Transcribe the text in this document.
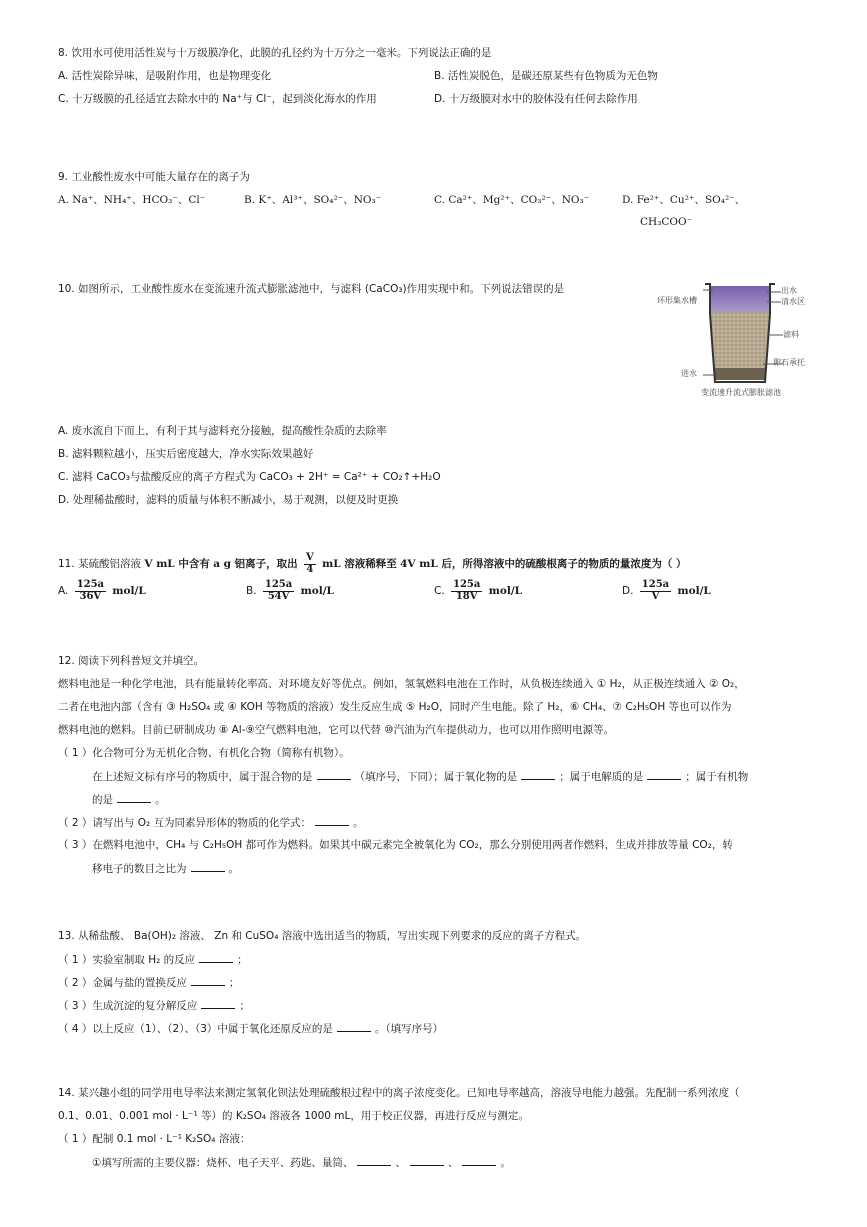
8. 饮用水可使用活性炭与十万级膜净化，此膜的孔径约为十万分之一毫米。下列说法正确的是
A. 活性炭除异味，是吸附作用，也是物理变化	B. 活性炭脱色，是碳还原某些有色物质为无色物
C. 十万级膜的孔径适宜去除水中的 Na⁺与 Cl⁻，起到淡化海水的作用	D. 十万级膜对水中的胶体没有任何去除作用
9. 工业酸性废水中可能大量存在的离子为
A. Na⁺、NH₄⁺、HCO₃⁻、Cl⁻	B. K⁺、Al³⁺、SO₄²⁻、NO₃⁻	C. Ca²⁺、Mg²⁺、CO₃²⁻、NO₃⁻	D. Fe²⁺、Cu²⁺、SO₄²⁻、
CH₃COO⁻
10. 如图所示，工业酸性废水在变流速升流式膨胀滤池中，与滤料 (CaCO₃)作用实现中和。下列说法错误的是
环形集水槽
出水
清水区
滤料
卵石承托
进水
变流速升流式膨胀滤池
A. 废水流自下而上，有利于其与滤料充分接触，提高酸性杂质的去除率
B. 滤料颗粒越小，压实后密度越大，净水实际效果越好
C. 滤料 CaCO₃与盐酸反应的离子方程式为 CaCO₃ + 2H⁺ = Ca²⁺ + CO₂↑+H₂O
D. 处理稀盐酸时，滤料的质量与体积不断减小，易于观测，以便及时更换
11. 某硫酸铝溶液 V mL 中含有 a g 铝离子，取出 $\frac{V}{4}$ mL 溶液稀释至 4V mL 后，所得溶液中的硫酸根离子的物质的量浓度为（ ）
A. $\frac{125a}{36V} mol/L$	B. $\frac{125a}{54V} mol/L$	C. $\frac{125a}{18V} mol/L$	D. $\frac{125a}{V} mol/L$
12. 阅读下列科普短文并填空。
燃料电池是一种化学电池，具有能量转化率高、对环境友好等优点。例如，氢氧燃料电池在工作时，从负极连续通入 ① H₂，从正极连续通入 ② O₂，
二者在电池内部（含有 ③ H₂SO₄ 或 ④ KOH 等物质的溶液）发生反应生成 ⑤ H₂O，同时产生电能。除了 H₂，⑥ CH₄、⑦ C₂H₅OH 等也可以作为
燃料电池的燃料。目前已研制成功 ⑧ Al-⑨空气燃料电池，它可以代替 ⑩汽油为汽车提供动力，也可以用作照明电源等。
（ 1 ）化合物可分为无机化合物、有机化合物（简称有机物）。
在上述短文标有序号的物质中，属于混合物的是	（填序号，下同）；属于氧化物的是	；属于电解质的是	；属于有机物
的是	。
（ 2 ）请写出与 O₂ 互为同素异形体的物质的化学式：	。
（ 3 ）在燃料电池中，CH₄ 与 C₂H₅OH 都可作为燃料。如果其中碳元素完全被氧化为 CO₂，那么分别使用两者作燃料，生成并排放等量 CO₂，转
移电子的数目之比为	。
13. 从稀盐酸、 Ba(OH)₂ 溶液、 Zn 和 CuSO₄ 溶液中选出适当的物质，写出实现下列要求的反应的离子方程式。
（ 1 ）实验室制取 H₂ 的反应	；
（ 2 ）金属与盐的置换反应	；
（ 3 ）生成沉淀的复分解反应	；
（ 4 ）以上反应（1）、（2）、（3）中属于氧化还原反应的是	。（填写序号）
14. 某兴趣小组的同学用电导率法来测定氢氧化钡法处理硫酸根过程中的离子浓度变化。已知电导率越高，溶液导电能力越强。先配制一系列浓度（
0.1、0.01、0.001 mol · L⁻¹ 等）的 K₂SO₄ 溶液各 1000 mL，用于校正仪器，再进行反应与测定。
（ 1 ）配制 0.1 mol · L⁻¹ K₂SO₄ 溶液：
①填写所需的主要仪器：烧杯、电子天平、药匙、量筒、	、	、	。
